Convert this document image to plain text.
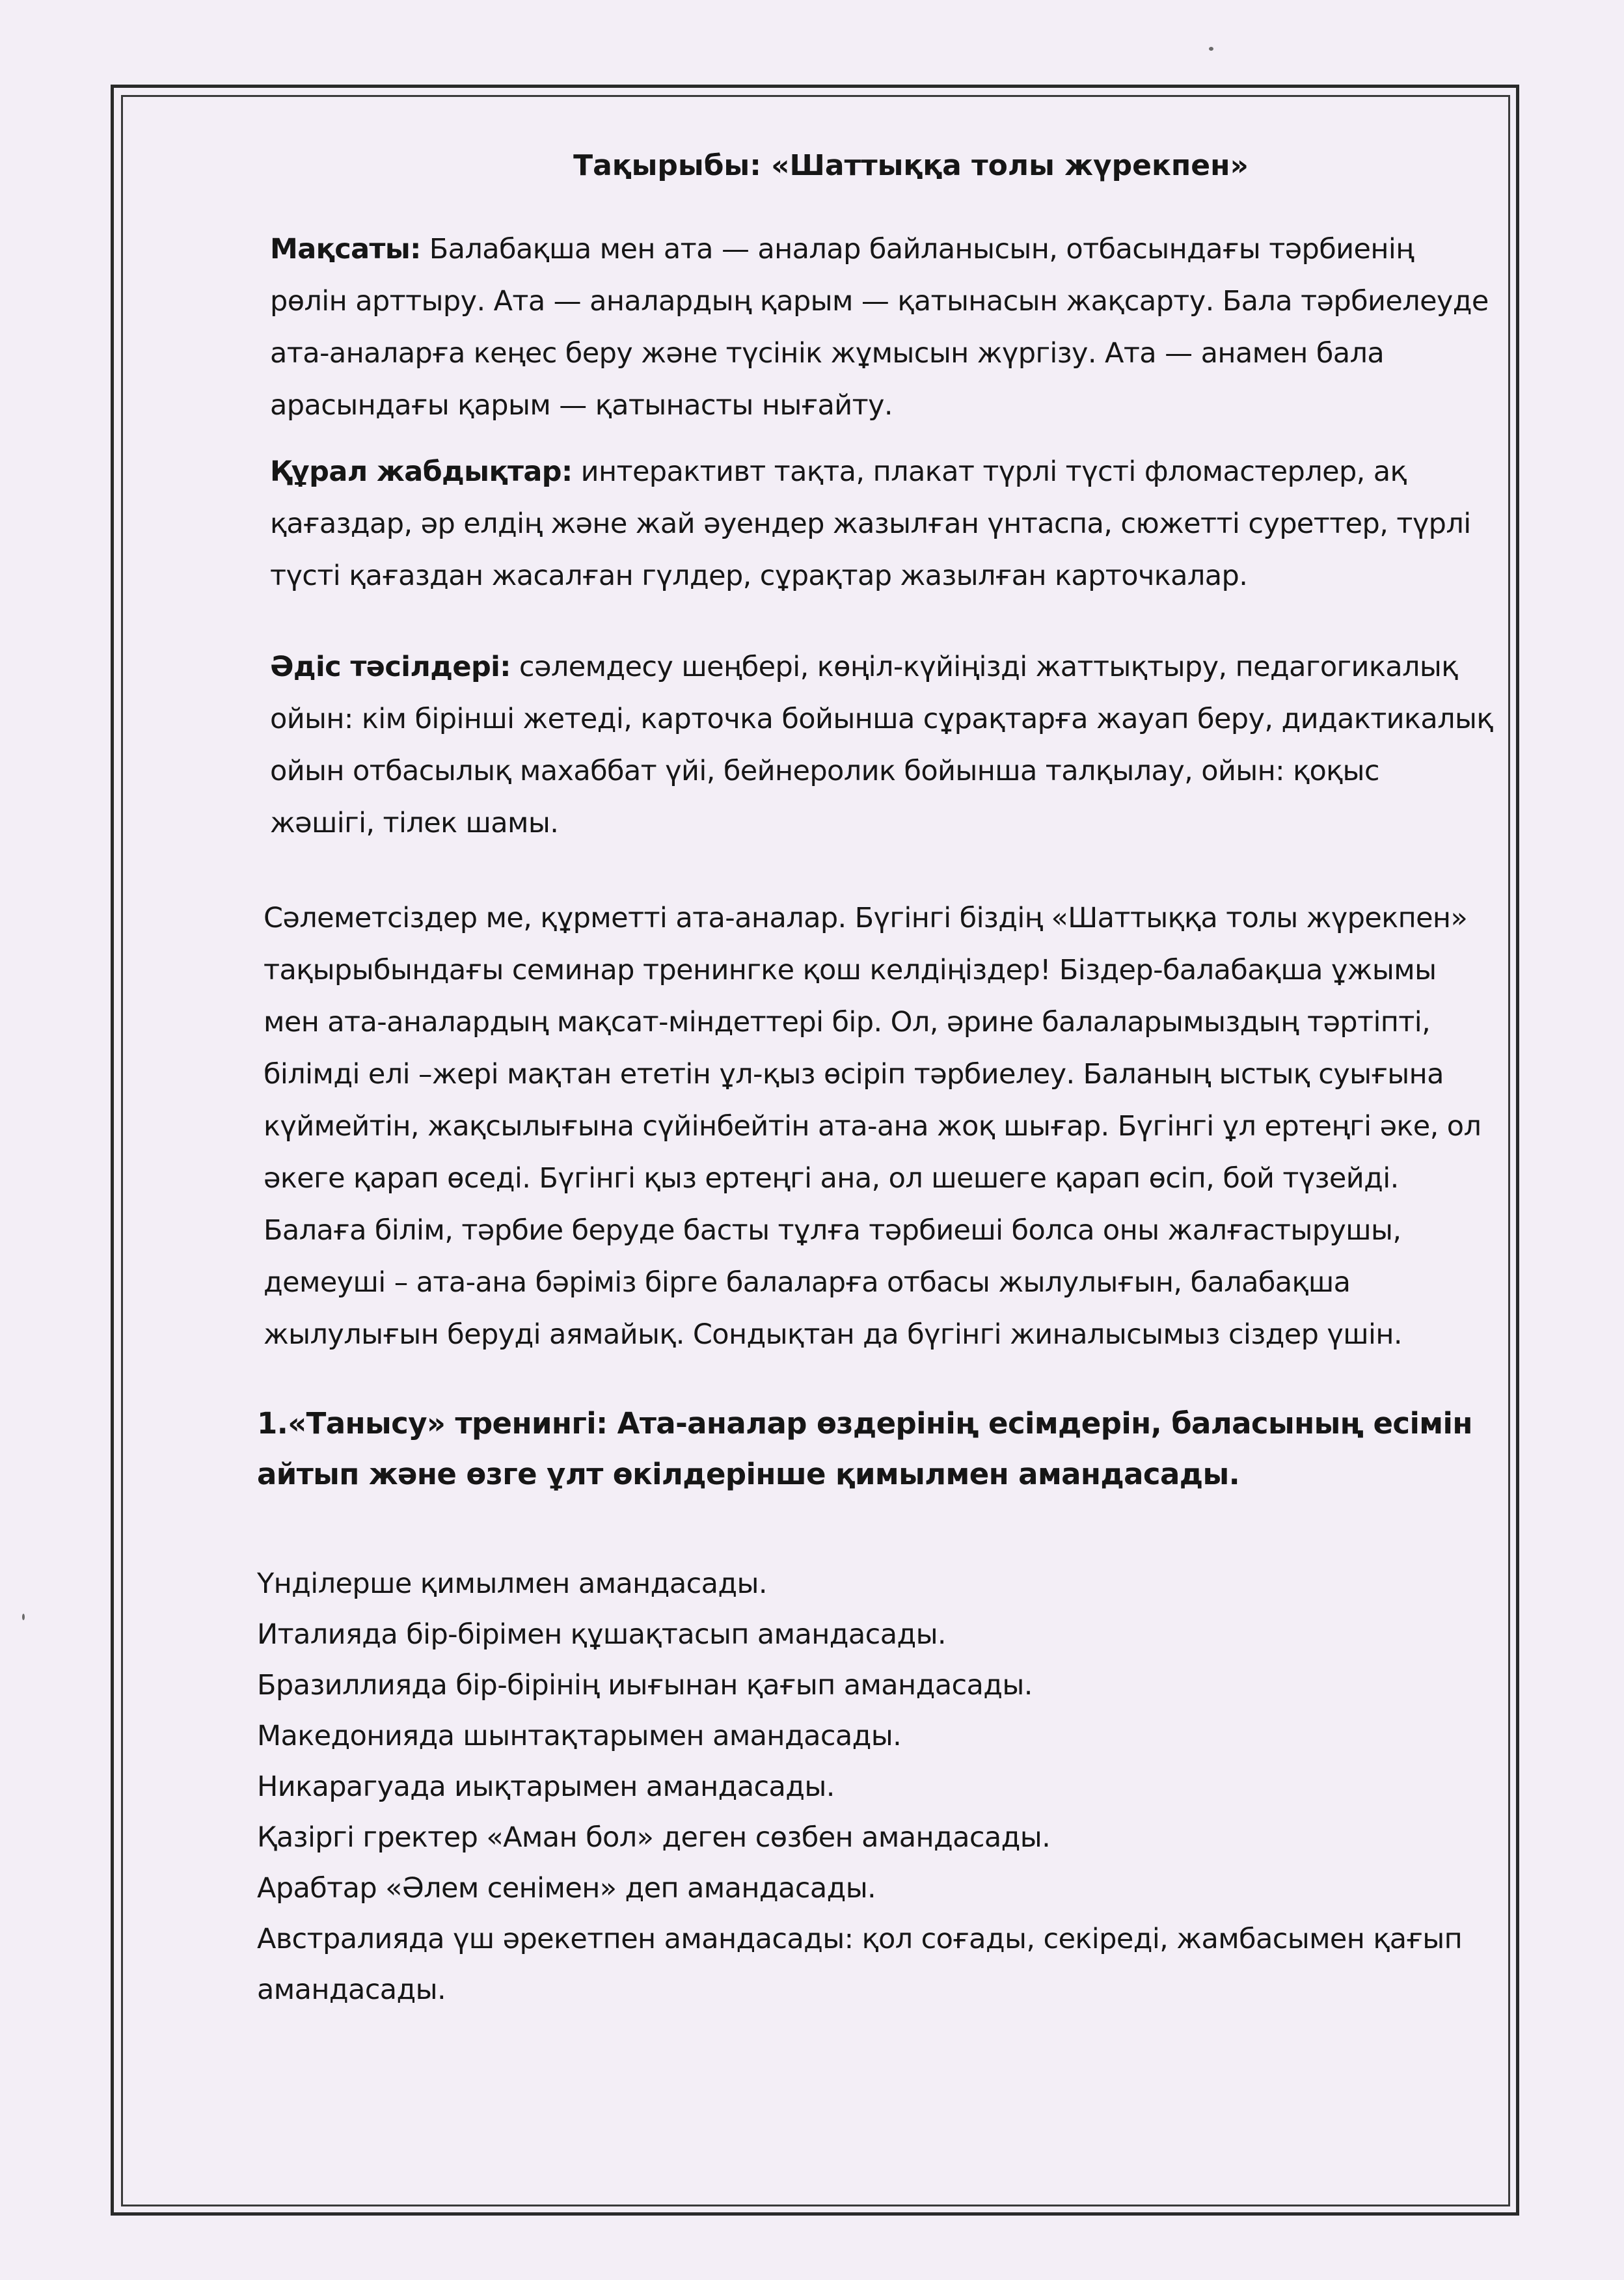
Тақырыбы: «Шаттыққа толы жүрекпен»

Мақсаты: Балабақша мен ата — аналар байланысын, отбасындағы тәрбиенің
рөлін арттыру. Ата — аналардың қарым — қатынасын жақсарту. Бала тәрбиелеуде
ата-аналарға кеңес беру және түсінік жұмысын жүргізу. Ата — анамен бала
арасындағы қарым — қатынасты нығайту.

Құрал жабдықтар: интерактивт тақта, плакат түрлі түсті фломастерлер, ақ
қағаздар, әр елдің және жай әуендер жазылған үнтаспа, сюжетті суреттер, түрлі
түсті қағаздан жасалған гүлдер, сұрақтар жазылған карточкалар.

Әдіс тәсілдері: сәлемдесу шеңбері, көңіл-күйіңізді жаттықтыру, педагогикалық
ойын: кім бірінші жетеді, карточка бойынша сұрақтарға жауап беру, дидактикалық
ойын отбасылық махаббат үйі, бейнеролик бойынша талқылау, ойын: қоқыс
жәшігі, тілек шамы.

Сәлеметсіздер ме, құрметті ата-аналар. Бүгінгі біздің «Шаттыққа толы жүрекпен»
тақырыбындағы семинар тренингке қош келдіңіздер! Біздер-балабақша ұжымы
мен ата-аналардың мақсат-міндеттері бір. Ол, әрине балаларымыздың тәртіпті,
білімді елі –жері мақтан ететін ұл-қыз өсіріп тәрбиелеу. Баланың ыстық суығына
күймейтін, жақсылығына сүйінбейтін ата-ана жоқ шығар. Бүгінгі ұл ертеңгі әке, ол
әкеге қарап өседі. Бүгінгі қыз ертеңгі ана, ол шешеге қарап өсіп, бой түзейді.
Балаға білім, тәрбие беруде басты тұлға тәрбиеші болса оны жалғастырушы,
демеуші – ата-ана бәріміз бірге балаларға отбасы жылулығын, балабақша
жылулығын беруді аямайық. Сондықтан да бүгінгі жиналысымыз сіздер үшін.

1.«Танысу» тренингі: Ата-аналар өздерінің есімдерін, баласының есімін
айтып және өзге ұлт өкілдерінше қимылмен амандасады.

Үнділерше қимылмен амандасады.
Италияда бір-бірімен құшақтасып амандасады.
Бразиллияда бір-бірінің иығынан қағып амандасады.
Македонияда шынтақтарымен амандасады.
Никарагуада иықтарымен амандасады.
Қазіргі гректер «Аман бол» деген сөзбен амандасады.
Арабтар «Әлем сенімен» деп амандасады.
Австралияда үш әрекетпен амандасады: қол соғады, секіреді, жамбасымен қағып
амандасады.
